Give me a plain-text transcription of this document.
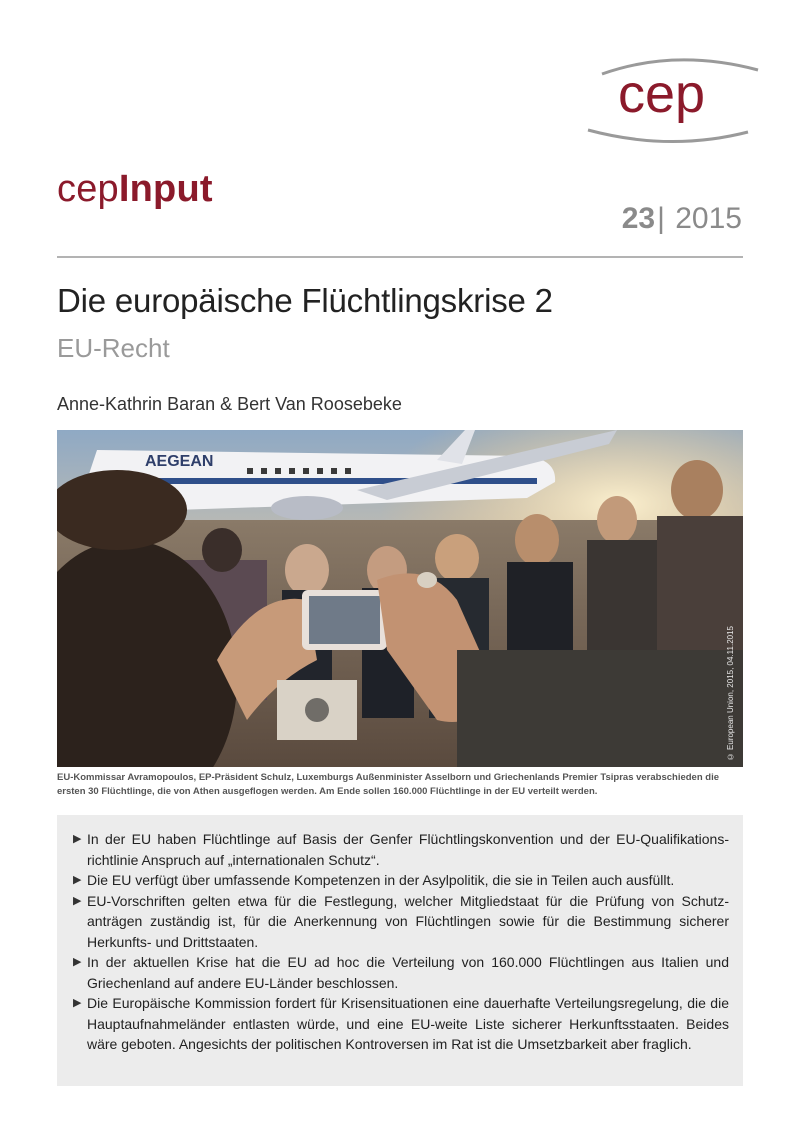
cep
cepInput
23| 2015
Die europäische Flüchtlingskrise 2
EU-Recht
Anne-Kathrin Baran & Bert Van Roosebeke
AEGEAN
© European Union, 2015, 04.11.2015
EU-Kommissar Avramopoulos, EP-Präsident Schulz, Luxemburgs Außenminister Asselborn und Griechenlands Premier Tsipras verabschieden die ersten 30 Flüchtlinge, die von Athen ausgeflogen werden. Am Ende sollen 160.000 Flüchtlinge in der EU verteilt werden.
▶ In der EU haben Flüchtlinge auf Basis der Genfer Flüchtlingskonvention und der EU-Qualifikationsrichtlinie Anspruch auf „internationalen Schutz“.
▶ Die EU verfügt über umfassende Kompetenzen in der Asylpolitik, die sie in Teilen auch ausfüllt.
▶ EU-Vorschriften gelten etwa für die Festlegung, welcher Mitgliedstaat für die Prüfung von Schutzanträgen zuständig ist, für die Anerkennung von Flüchtlingen sowie für die Bestimmung sicherer Herkunfts- und Drittstaaten.
▶ In der aktuellen Krise hat die EU ad hoc die Verteilung von 160.000 Flüchtlingen aus Italien und Griechenland auf andere EU-Länder beschlossen.
▶ Die Europäische Kommission fordert für Krisensituationen eine dauerhafte Verteilungsregelung, die die Hauptaufnahmeländer entlasten würde, und eine EU-weite Liste sicherer Herkunftsstaaten. Beides wäre geboten. Angesichts der politischen Kontroversen im Rat ist die Umsetzbarkeit aber fraglich.
